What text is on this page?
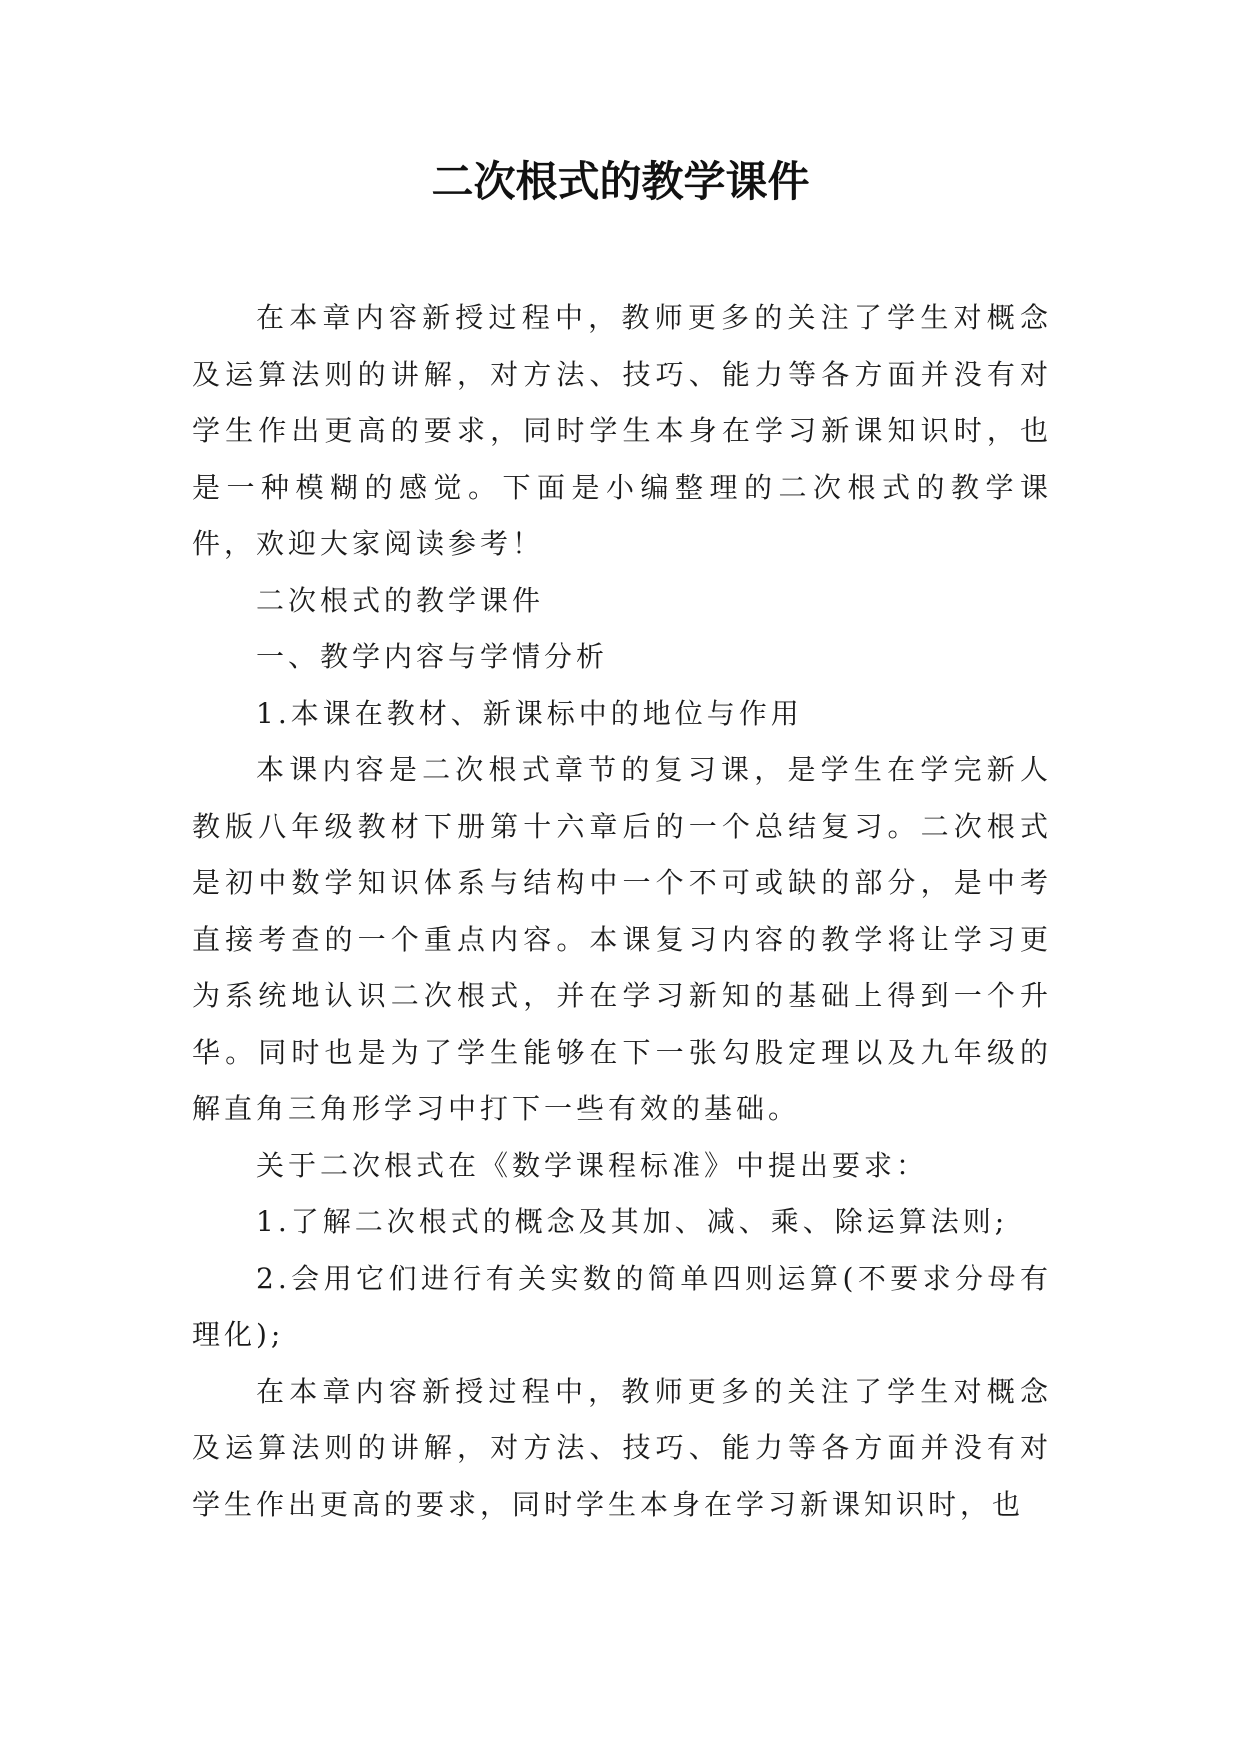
二次根式的教学课件

在本章内容新授过程中，教师更多的关注了学生对概念及运算法则的讲解，对方法、技巧、能力等各方面并没有对学生作出更高的要求，同时学生本身在学习新课知识时，也是一种模糊的感觉。下面是小编整理的二次根式的教学课件，欢迎大家阅读参考！

二次根式的教学课件

一、教学内容与学情分析

1.本课在教材、新课标中的地位与作用

本课内容是二次根式章节的复习课，是学生在学完新人教版八年级教材下册第十六章后的一个总结复习。二次根式是初中数学知识体系与结构中一个不可或缺的部分，是中考直接考查的一个重点内容。本课复习内容的教学将让学习更为系统地认识二次根式，并在学习新知的基础上得到一个升华。同时也是为了学生能够在下一张勾股定理以及九年级的解直角三角形学习中打下一些有效的基础。

关于二次根式在《数学课程标准》中提出要求：

1.了解二次根式的概念及其加、减、乘、除运算法则;

2.会用它们进行有关实数的简单四则运算(不要求分母有理化);

在本章内容新授过程中，教师更多的关注了学生对概念及运算法则的讲解，对方法、技巧、能力等各方面并没有对学生作出更高的要求，同时学生本身在学习新课知识时，也
